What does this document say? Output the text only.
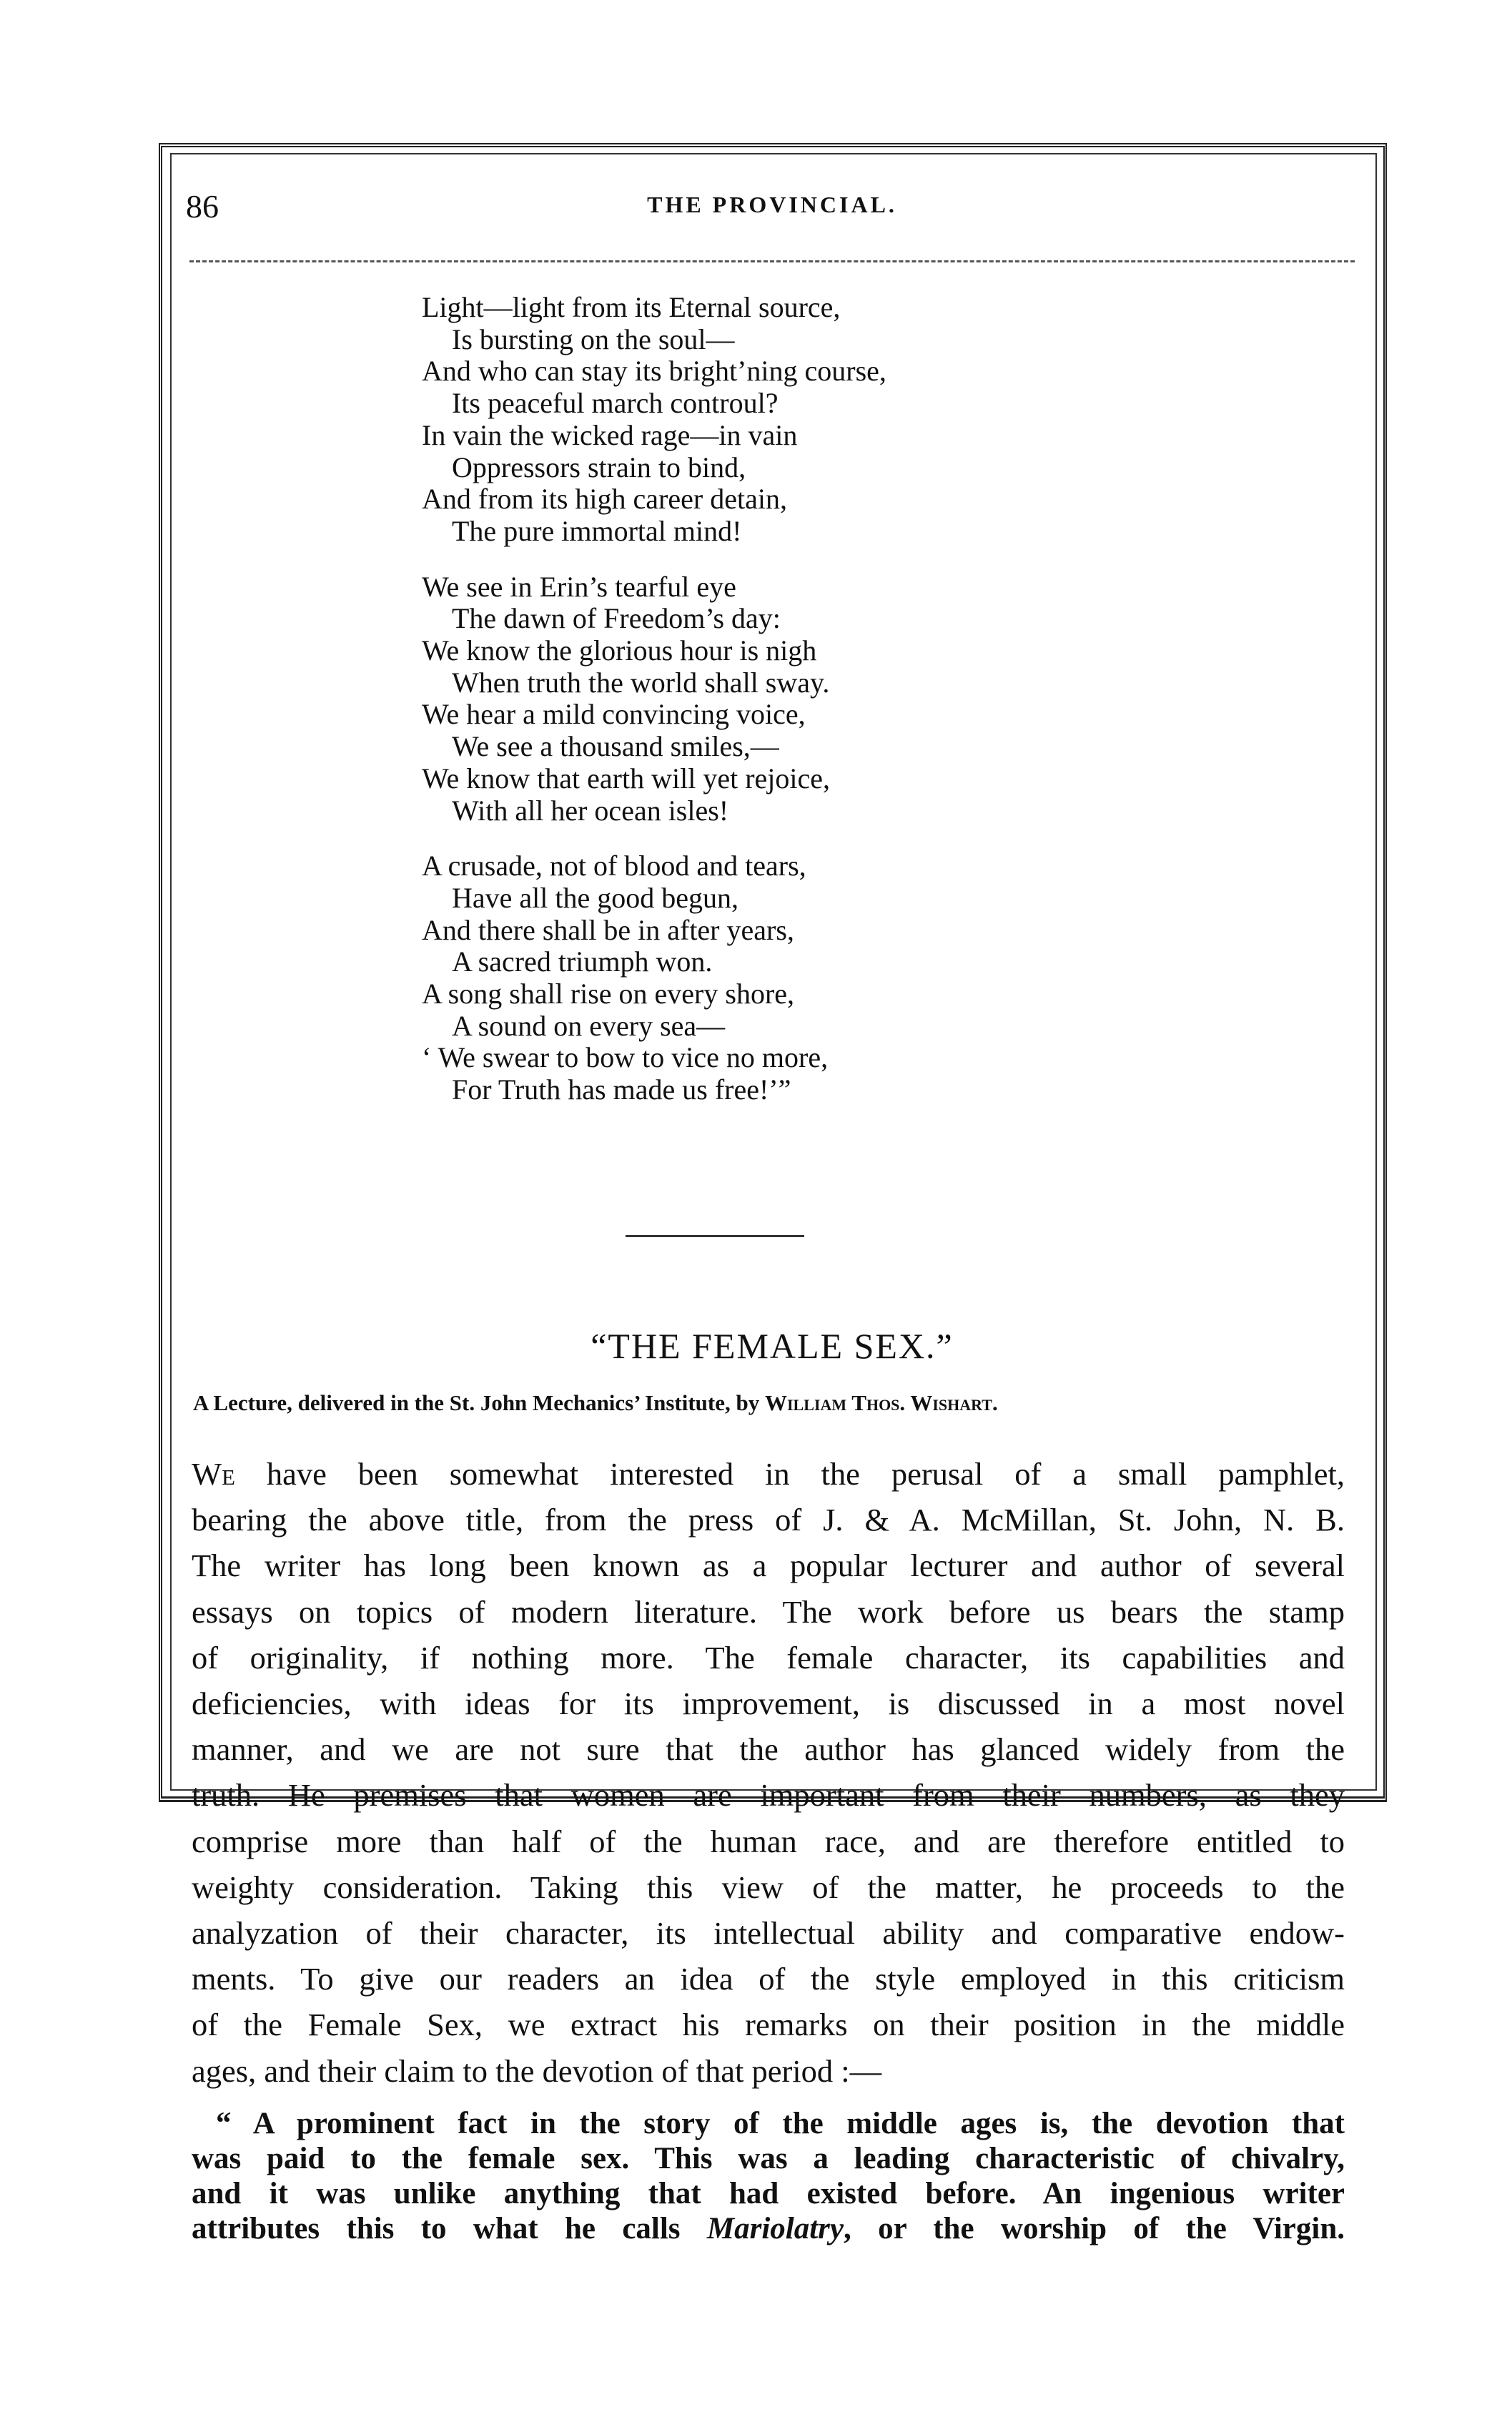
86	THE PROVINCIAL.
Light—light from its Eternal source,
Is bursting on the soul—
And who can stay its bright’ning course,
Its peaceful march controul?
In vain the wicked rage—in vain
Oppressors strain to bind,
And from its high career detain,
The pure immortal mind!
We see in Erin’s tearful eye
The dawn of Freedom’s day:
We know the glorious hour is nigh
When truth the world shall sway.
We hear a mild convincing voice,
We see a thousand smiles,—
We know that earth will yet rejoice,
With all her ocean isles!
A crusade, not of blood and tears,
Have all the good begun,
And there shall be in after years,
A sacred triumph won.
A song shall rise on every shore,
A sound on every sea—
‘ We swear to bow to vice no more,
For Truth has made us free!’”
“THE FEMALE SEX.”
A Lecture, delivered in the St. John Mechanics’ Institute, by William Thos. Wishart.
We have been somewhat interested in the perusal of a small pamphlet,
bearing the above title, from the press of J. & A. McMillan, St. John, N. B.
The writer has long been known as a popular lecturer and author of several
essays on topics of modern literature. The work before us bears the stamp
of originality, if nothing more. The female character, its capabilities and
deficiencies, with ideas for its improvement, is discussed in a most novel
manner, and we are not sure that the author has glanced widely from the
truth. He premises that women are important from their numbers, as they
comprise more than half of the human race, and are therefore entitled to
weighty consideration. Taking this view of the matter, he proceeds to the
analyzation of their character, its intellectual ability and comparative endow-
ments. To give our readers an idea of the style employed in this criticism
of the Female Sex, we extract his remarks on their position in the middle
ages, and their claim to the devotion of that period :—
“ A prominent fact in the story of the middle ages is, the devotion that
was paid to the female sex. This was a leading characteristic of chivalry,
and it was unlike anything that had existed before. An ingenious writer
attributes this to what he calls Mariolatry, or the worship of the Virgin.
